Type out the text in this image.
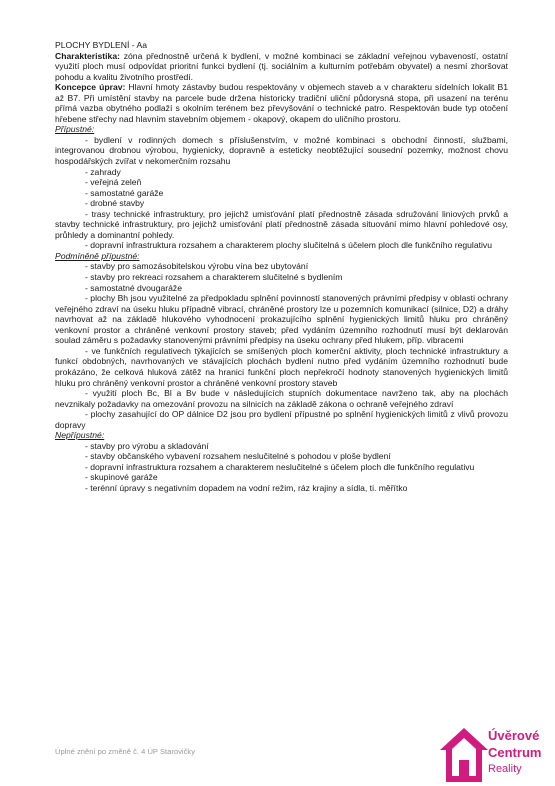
PLOCHY BYDLENÍ - Aa

Charakteristika: zóna přednostně určená k bydlení, v možné kombinaci se základní veřejnou vybaveností, ostatní využití ploch musí odpovídat prioritní funkci bydlení (tj. sociálním a kulturním potřebám obyvatel) a nesmí zhoršovat pohodu a kvalitu životního prostředí.

Koncepce úprav: Hlavní hmoty zástavby budou respektovány v objemech staveb a v charakteru sídelních lokalit B1 až B7. Při umístění stavby na parcele bude držena historicky tradiční uliční půdorysná stopa, při usazení na terénu přímá vazba obytného podlaží s okolním terénem bez převyšování o technické patro. Respektován bude typ otočení hřebene střechy nad hlavním stavebním objemem - okapový, okapem do uličního prostoru.

Přípustné:

- bydlení v rodinných domech s příslušenstvím, v možné kombinaci s obchodní činností, službami, integrovanou drobnou výrobou, hygienicky, dopravně a esteticky neobtěžující sousední pozemky, možnost chovu hospodářských zvířat v nekomerčním rozsahu

- zahrady

- veřejná zeleň

- samostatné garáže

- drobné stavby

- trasy technické infrastruktury, pro jejichž umisťování platí přednostně zásada sdružování liniových prvků a stavby technické infrastruktury, pro jejichž umisťování platí přednostně zásada situování mimo hlavní pohledové osy, průhledy a dominantní pohledy.

- dopravní infrastruktura rozsahem a charakterem plochy slučitelná s účelem ploch dle funkčního regulativu

Podmíněně přípustné:

- stavby pro samozásobitelskou výrobu vína bez ubytování

- stavby pro rekreaci rozsahem a charakterem slučitelné s bydlením

- samostatné dvougaráže

- plochy Bh jsou využitelné za předpokladu splnění povinností stanovených právními předpisy v oblasti ochrany veřejného zdraví na úseku hluku případně vibrací, chráněné prostory lze u pozemních komunikací (silnice, D2) a dráhy navrhovat až na základě hlukového vyhodnocení prokazujícího splnění hygienických limitů hluku pro chráněný venkovní prostor a chráněné venkovní prostory staveb; před vydáním územního rozhodnutí musí být deklarován soulad záměru s požadavky stanovenými právními předpisy na úseku ochrany před hlukem, příp. vibracemi

- ve funkčních regulativech týkajících se smíšených ploch komerční aktivity, ploch technické infrastruktury a funkcí obdobných, navrhovaných ve stávajících plochách bydlení nutno před vydáním územního rozhodnutí bude prokázáno, že celková hluková zátěž na hranici funkční ploch nepřekročí hodnoty stanovených hygienických limitů hluku pro chráněný venkovní prostor a chráněné venkovní prostory staveb

- využití ploch Bc, Bl a Bv bude v následujících stupních dokumentace navrženo tak, aby na plochách nevznikaly požadavky na omezování provozu na silnicích na základě zákona o ochraně veřejného zdraví

- plochy zasahující do OP dálnice D2 jsou pro bydlení přípustné po splnění hygienických limitů z vlivů provozu dopravy

Nepřípustné:

- stavby pro výrobu a skladování

- stavby občanského vybavení rozsahem neslučitelné s pohodou v ploše bydlení

- dopravní infrastruktura rozsahem a charakterem neslučitelné s účelem ploch dle funkčního regulativu

- skupinové garáže

- terénní úpravy s negativním dopadem na vodní režim, ráz krajiny a sídla, ti. měřítko

Úplné znění po změně č. 4 ÚP Starovičky
Úvěrové
Centrum
Reality
